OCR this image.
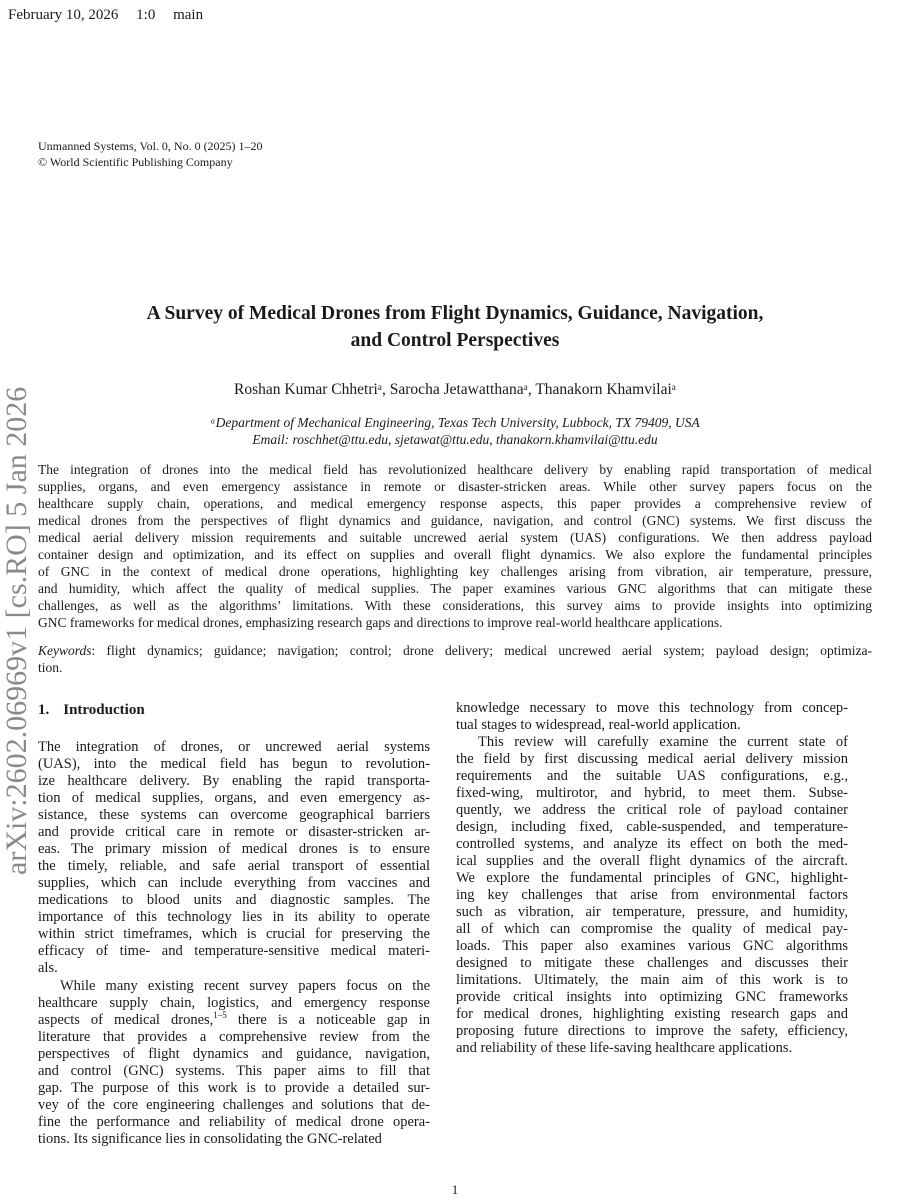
February 10, 2026 1:0 main
Unmanned Systems, Vol. 0, No. 0 (2025) 1–20
© World Scientific Publishing Company
arXiv:2602.06969v1 [cs.RO] 5 Jan 2026
A Survey of Medical Drones from Flight Dynamics, Guidance, Navigation,
and Control Perspectives
Roshan Kumar Chhetriᵃ, Sarocha Jetawatthanaᵃ, Thanakorn Khamvilaiᵃ
ᵃDepartment of Mechanical Engineering, Texas Tech University, Lubbock, TX 79409, USA
Email: roschhet@ttu.edu, sjetawat@ttu.edu, thanakorn.khamvilai@ttu.edu
The integration of drones into the medical field has revolutionized healthcare delivery by enabling rapid transportation of medical
supplies, organs, and even emergency assistance in remote or disaster-stricken areas. While other survey papers focus on the
healthcare supply chain, operations, and medical emergency response aspects, this paper provides a comprehensive review of
medical drones from the perspectives of flight dynamics and guidance, navigation, and control (GNC) systems. We first discuss the
medical aerial delivery mission requirements and suitable uncrewed aerial system (UAS) configurations. We then address payload
container design and optimization, and its effect on supplies and overall flight dynamics. We also explore the fundamental principles
of GNC in the context of medical drone operations, highlighting key challenges arising from vibration, air temperature, pressure,
and humidity, which affect the quality of medical supplies. The paper examines various GNC algorithms that can mitigate these
challenges, as well as the algorithms’ limitations. With these considerations, this survey aims to provide insights into optimizing
GNC frameworks for medical drones, emphasizing research gaps and directions to improve real-world healthcare applications.
Keywords: flight dynamics; guidance; navigation; control; drone delivery; medical uncrewed aerial system; payload design; optimiza-
tion.
1. Introduction
The integration of drones, or uncrewed aerial systems
(UAS), into the medical field has begun to revolution-
ize healthcare delivery. By enabling the rapid transporta-
tion of medical supplies, organs, and even emergency as-
sistance, these systems can overcome geographical barriers
and provide critical care in remote or disaster-stricken ar-
eas. The primary mission of medical drones is to ensure
the timely, reliable, and safe aerial transport of essential
supplies, which can include everything from vaccines and
medications to blood units and diagnostic samples. The
importance of this technology lies in its ability to operate
within strict timeframes, which is crucial for preserving the
efficacy of time- and temperature-sensitive medical materi-
als.
While many existing recent survey papers focus on the
healthcare supply chain, logistics, and emergency response
aspects of medical drones,$^{1-5}$ there is a noticeable gap in
literature that provides a comprehensive review from the
perspectives of flight dynamics and guidance, navigation,
and control (GNC) systems. This paper aims to fill that
gap. The purpose of this work is to provide a detailed sur-
vey of the core engineering challenges and solutions that de-
fine the performance and reliability of medical drone opera-
tions. Its significance lies in consolidating the GNC-related
knowledge necessary to move this technology from concep-
tual stages to widespread, real-world application.
This review will carefully examine the current state of
the field by first discussing medical aerial delivery mission
requirements and the suitable UAS configurations, e.g.,
fixed-wing, multirotor, and hybrid, to meet them. Subse-
quently, we address the critical role of payload container
design, including fixed, cable-suspended, and temperature-
controlled systems, and analyze its effect on both the med-
ical supplies and the overall flight dynamics of the aircraft.
We explore the fundamental principles of GNC, highlight-
ing key challenges that arise from environmental factors
such as vibration, air temperature, pressure, and humidity,
all of which can compromise the quality of medical pay-
loads. This paper also examines various GNC algorithms
designed to mitigate these challenges and discusses their
limitations. Ultimately, the main aim of this work is to
provide critical insights into optimizing GNC frameworks
for medical drones, highlighting existing research gaps and
proposing future directions to improve the safety, efficiency,
and reliability of these life-saving healthcare applications.
1
